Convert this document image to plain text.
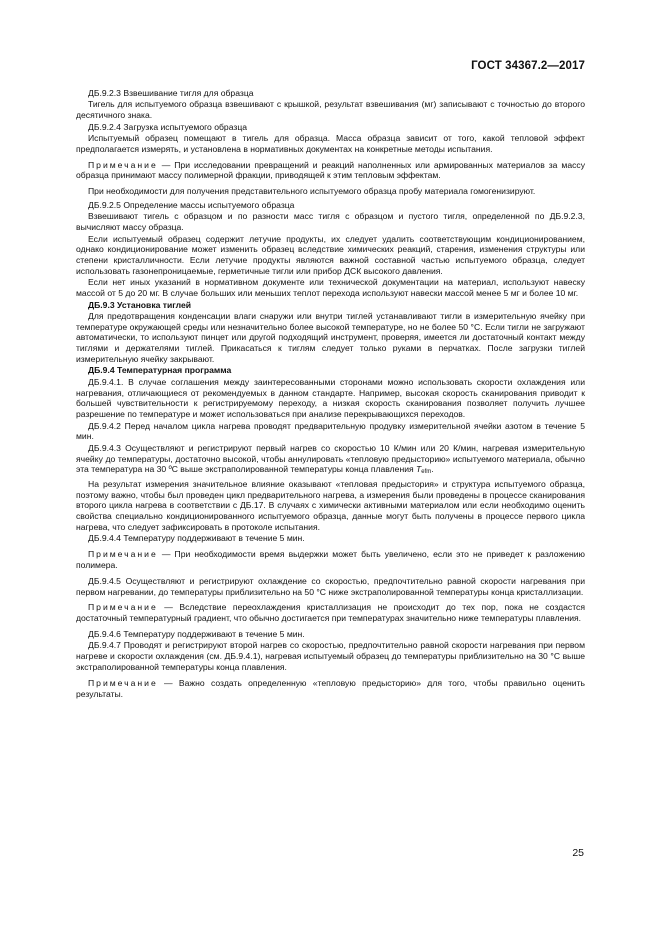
ГОСТ 34367.2—2017

ДБ.9.2.3 Взвешивание тигля для образца

Тигель для испытуемого образца взвешивают с крышкой, результат взвешивания (мг) записывают с точностью до второго десятичного знака.

ДБ.9.2.4 Загрузка испытуемого образца

Испытуемый образец помещают в тигель для образца. Масса образца зависит от того, какой тепловой эффект предполагается измерять, и установлена в нормативных документах на конкретные методы испытания.

Примечание — При исследовании превращений и реакций наполненных или армированных материалов за массу образца принимают массу полимерной фракции, приводящей к этим тепловым эффектам.

При необходимости для получения представительного испытуемого образца пробу материала гомогенизируют.

ДБ.9.2.5 Определение массы испытуемого образца

Взвешивают тигель с образцом и по разности масс тигля с образцом и пустого тигля, определенной по ДБ.9.2.3, вычисляют массу образца.

Если испытуемый образец содержит летучие продукты, их следует удалить соответствующим кондиционированием, однако кондиционирование может изменить образец вследствие химических реакций, старения, изменения структуры или степени кристалличности. Если летучие продукты являются важной составной частью испытуемого образца, следует использовать газонепроницаемые, герметичные тигли или прибор ДСК высокого давления.

Если нет иных указаний в нормативном документе или технической документации на материал, используют навеску массой от 5 до 20 мг. В случае больших или меньших теплот перехода используют навески массой менее 5 мг и более 10 мг.

ДБ.9.3 Установка тиглей

Для предотвращения конденсации влаги снаружи или внутри тиглей устанавливают тигли в измерительную ячейку при температуре окружающей среды или незначительно более высокой температуре, но не более 50 °С. Если тигли не загружают автоматически, то используют пинцет или другой подходящий инструмент, проверяя, имеется ли достаточный контакт между тиглями и держателями тиглей. Прикасаться к тиглям следует только руками в перчатках. После загрузки тиглей измерительную ячейку закрывают.

ДБ.9.4 Температурная программа

ДБ.9.4.1. В случае соглашения между заинтересованными сторонами можно использовать скорости охлаждения или нагревания, отличающиеся от рекомендуемых в данном стандарте. Например, высокая скорость сканирования приводит к большей чувствительности к регистрируемому переходу, а низкая скорость сканирования позволяет получить лучшее разрешение по температуре и может использоваться при анализе перекрывающихся переходов.

ДБ.9.4.2 Перед началом цикла нагрева проводят предварительную продувку измерительной ячейки азотом в течение 5 мин.

ДБ.9.4.3 Осуществляют и регистрируют первый нагрев со скоростью 10 К/мин или 20 К/мин, нагревая измерительную ячейку до температуры, достаточно высокой, чтобы аннулировать «тепловую предысторию» испытуемого материала, обычно эта температура на 30 ºС выше экстраполированной температуры конца плавления $T_{efm}$.

На результат измерения значительное влияние оказывают «тепловая предыстория» и структура испытуемого образца, поэтому важно, чтобы был проведен цикл предварительного нагрева, а измерения были проведены в процессе сканирования второго цикла нагрева в соответствии с ДБ.17. В случаях с химически активными материалом или если необходимо оценить свойства специально кондиционированного испытуемого образца, данные могут быть получены в процессе первого цикла нагрева, что следует зафиксировать в протоколе испытания.

ДБ.9.4.4 Температуру поддерживают в течение 5 мин.

Примечание — При необходимости время выдержки может быть увеличено, если это не приведет к разложению полимера.

ДБ.9.4.5 Осуществляют и регистрируют охлаждение со скоростью, предпочтительно равной скорости нагревания при первом нагревании, до температуры приблизительно на 50 °С ниже экстраполированной температуры конца кристаллизации.

Примечание — Вследствие переохлаждения кристаллизация не происходит до тех пор, пока не создастся достаточный температурный градиент, что обычно достигается при температурах значительно ниже температуры плавления.

ДБ.9.4.6 Температуру поддерживают в течение 5 мин.

ДБ.9.4.7 Проводят и регистрируют второй нагрев со скоростью, предпочтительно равной скорости нагревания при первом нагреве и скорости охлаждения (см. ДБ.9.4.1), нагревая испытуемый образец до температуры приблизительно на 30 °С выше экстраполированной температуры конца плавления.

Примечание — Важно создать определенную «тепловую предысторию» для того, чтобы правильно оценить результаты.

25
